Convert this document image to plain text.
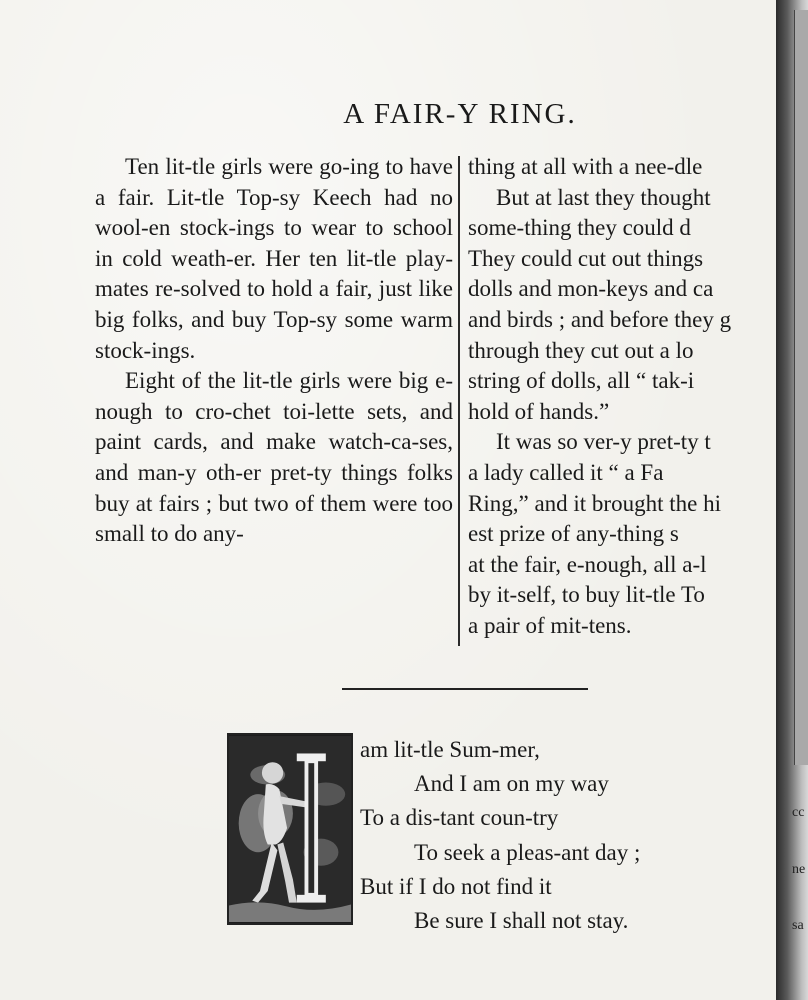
A FAIR-Y RING.

Ten lit-tle girls were go-ing to have a fair. Lit-tle Top-sy Keech had no wool-en stock-ings to wear to school in cold weath-er. Her ten lit-tle play-mates re-solved to hold a fair, just like big folks, and buy Top-sy some warm stock-ings.

Eight of the lit-tle girls were big e-nough to cro-chet toi-lette sets, and paint cards, and make watch-ca-ses, and man-y oth-er pret-ty things folks buy at fairs ; but two of them were too small to do any-

thing at all with a nee-dle
But at last they thought
some-thing they could d
They could cut out things
dolls and mon-keys and ca
and birds ; and before they g
through they cut out a lo
string of dolls, all “ tak-i
hold of hands.”
It was so ver-y pret-ty t
a lady called it “ a Fa
Ring,” and it brought the hi
est prize of any-thing s
at the fair, e-nough, all a-l
by it-self, to buy lit-tle To
a pair of mit-tens.
am lit-tle Sum-mer,
And I am on my way
To a dis-tant coun-try
To seek a pleas-ant day ;
But if I do not find it
Be sure I shall not stay.
cc
ne
sa
